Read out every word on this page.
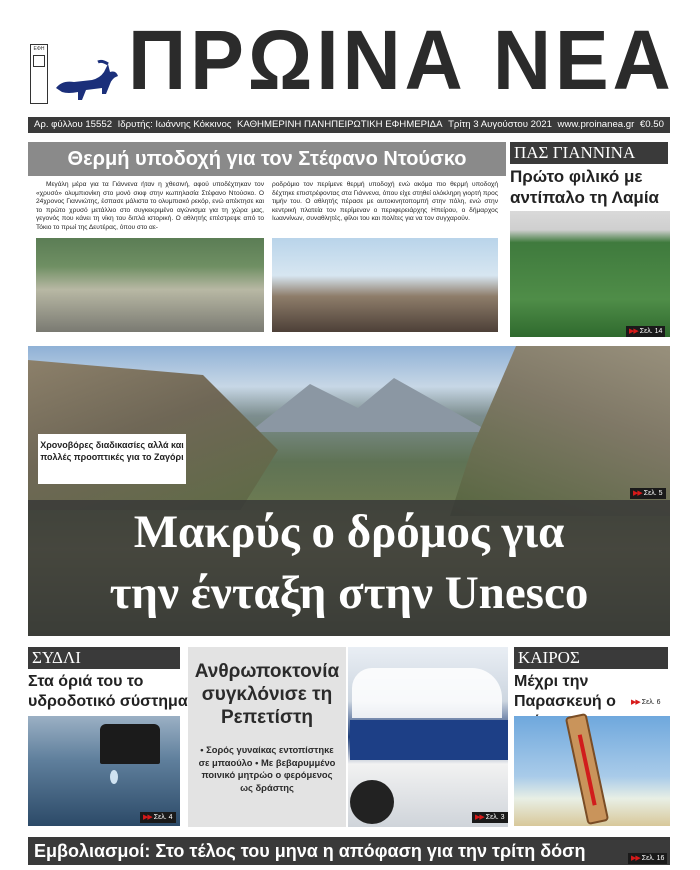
ΕΦΗ ΠΡΩΙΝΑ ΝΕΑ
Αρ. φύλλου 15552 Ιδρυτής: Ιωάννης Κόκκινος ΚΑΘΗΜΕΡΙΝΗ ΠΑΝΗΠΕΙΡΩΤΙΚΗ ΕΦΗΜΕΡΙΔΑ Τρίτη 3 Αυγούστου 2021 www.proinanea.gr €0.50
Θερμή υποδοχή για τον Στέφανο Ντούσκο
Μεγάλη μέρα για τα Γιάννενα ήταν η χθεσινή, αφού υποδέχτηκαν τον «χρυσό» ολυμπιονίκη στο μονό σκιφ στην κωπηλασία Στέφανο Ντούσκο. Ο 24χρονος Γιαννιώτης, έσπασε μάλιστα το ολυμπιακό ρεκόρ, ενώ απέκτησε και το πρώτο χρυσό μετάλλιο στο συγκεκριμένο αγώνισμα για τη χώρα μας, γεγονός που κάνει τη νίκη του διπλά ιστορική. Ο αθλητής επέστρεψε από το Τόκιο το πρωί της Δευτέρας, όπου στο αε-
ροδρόμιο τον περίμενε θερμή υποδοχή ενώ ακόμα πιο θερμή υποδοχή δέχτηκε επιστρέφοντας στα Γιάννενα, όπου είχε στηθεί ολόκληρη γιορτή προς τιμήν του. Ο αθλητής πέρασε με αυτοκινητοπομπή στην πόλη, ενώ στην κεντρική πλατεία τον περίμεναν ο περιφερειάρχης Ηπείρου, ο δήμαρχος Ιωαννίνων, συναθλητές, φίλοι του και πολίτες για να τον συγχαρούν.
ΠΑΣ ΓΙΑΝΝΙΝΑ
Πρώτο φιλικό με αντίπαλο τη Λαμία
▶▶ Σελ. 14
Χρονοβόρες διαδικασίες αλλά και πολλές προοπτικές για το Ζαγόρι
▶▶ Σελ. 5
Μακρύς ο δρόμος για
την ένταξη στην Unesco
ΣΥΔΛΙ
Στα όριά του το υδροδοτικό σύστημα
▶▶ Σελ. 4
Ανθρωποκτονία συγκλόνισε τη Ρεπετίστη
• Σορός γυναίκας εντοπίστηκε σε μπαούλο • Με βεβαρυμμένο ποινικό μητρώο ο φερόμενος ως δράστης
▶▶ Σελ. 3
ΚΑΙΡΟΣ
Μέχρι την Παρασκευή ο	▶▶ Σελ. 6
Εμβολιασμοί: Στο τέλος του μηνα η απόφαση για την τρίτη δόση	▶▶ Σελ. 16
